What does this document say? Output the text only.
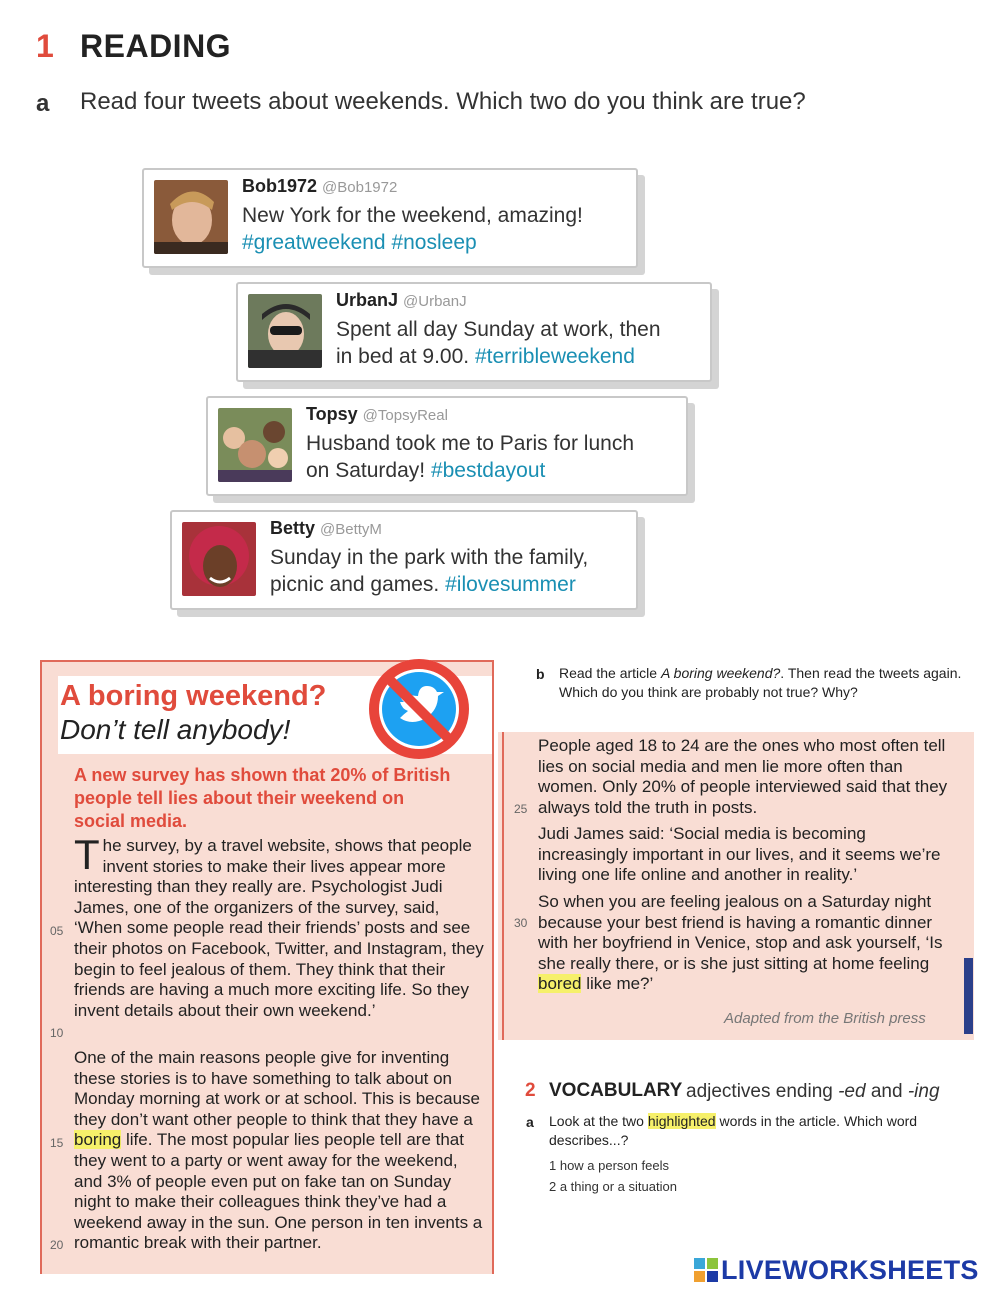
1 READING
a Read four tweets about weekends. Which two do you think are true?
Bob1972 @Bob1972
New York for the weekend, amazing!
#greatweekend #nosleep
UrbanJ @UrbanJ
Spent all day Sunday at work, then
in bed at 9.00. #terribleweekend
Topsy @TopsyReal
Husband took me to Paris for lunch
on Saturday! #bestdayout
Betty @BettyM
Sunday in the park with the family,
picnic and games. #ilovesummer
A boring weekend?
Don’t tell anybody!
A new survey has shown that 20% of British people tell lies about their weekend on social media.
The survey, by a travel website, shows that people invent stories to make their lives appear more interesting than they really are. Psychologist Judi James, one of the organizers of the survey, said, ‘When some people read their friends’ posts and see their photos on Facebook, Twitter, and Instagram, they begin to feel jealous of them. They think that their friends are having a much more exciting life. So they invent details about their own weekend.’
One of the main reasons people give for inventing these stories is to have something to talk about on Monday morning at work or at school. This is because they don’t want other people to think that they have a boring life. The most popular lies people tell are that they went to a party or went away for the weekend, and 3% of people even put on fake tan on Sunday night to make their colleagues think they’ve had a weekend away in the sun. One person in ten invents a romantic break with their partner.
05
10
15
20
b Read the article A boring weekend?. Then read the tweets again. Which do you think are probably not true? Why?
People aged 18 to 24 are the ones who most often tell lies on social media and men lie more often than women. Only 20% of people interviewed said that they always told the truth in posts.
Judi James said: ‘Social media is becoming increasingly important in our lives, and it seems we’re living one life online and another in reality.’
So when you are feeling jealous on a Saturday night because your best friend is having a romantic dinner with her boyfriend in Venice, stop and ask yourself, ‘Is she really there, or is she just sitting at home feeling bored like me?’
25
30
Adapted from the British press
2 VOCABULARY adjectives ending -ed and -ing
a Look at the two highlighted words in the article. Which word describes...?
1 how a person feels
2 a thing or a situation
LIVEWORKSHEETS
